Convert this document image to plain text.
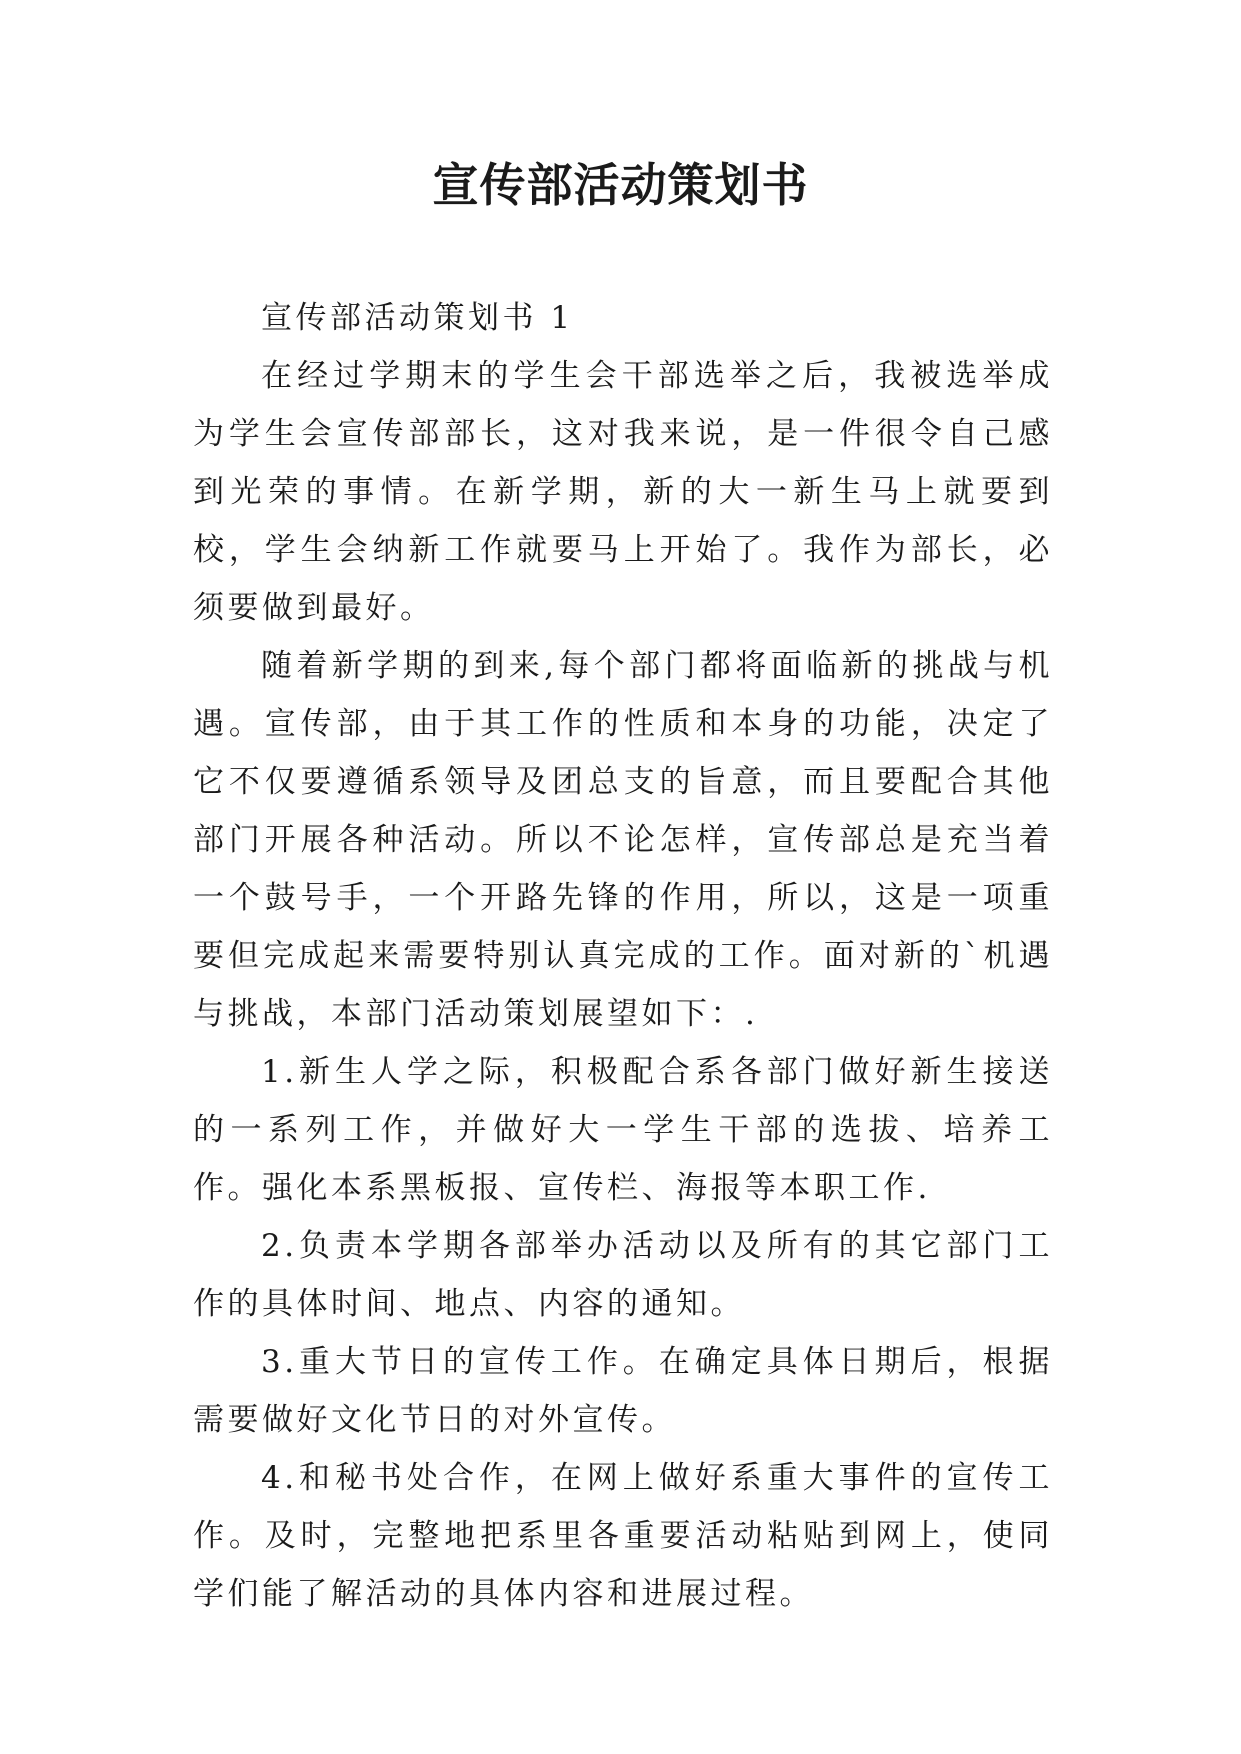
宣传部活动策划书

宣传部活动策划书 1

在经过学期末的学生会干部选举之后，我被选举成为学生会宣传部部长，这对我来说，是一件很令自己感到光荣的事情。在新学期，新的大一新生马上就要到校，学生会纳新工作就要马上开始了。我作为部长，必须要做到最好。

随着新学期的到来,每个部门都将面临新的挑战与机遇。宣传部，由于其工作的性质和本身的功能，决定了它不仅要遵循系领导及团总支的旨意，而且要配合其他部门开展各种活动。所以不论怎样，宣传部总是充当着一个鼓号手，一个开路先锋的作用，所以，这是一项重要但完成起来需要特别认真完成的工作。面对新的`机遇与挑战，本部门活动策划展望如下：.

1.新生人学之际，积极配合系各部门做好新生接送的一系列工作，并做好大一学生干部的选拔、培养工作。强化本系黑板报、宣传栏、海报等本职工作.

2.负责本学期各部举办活动以及所有的其它部门工作的具体时间、地点、内容的通知。

3.重大节日的宣传工作。在确定具体日期后，根据需要做好文化节日的对外宣传。

4.和秘书处合作，在网上做好系重大事件的宣传工作。及时，完整地把系里各重要活动粘贴到网上，使同学们能了解活动的具体内容和进展过程。
